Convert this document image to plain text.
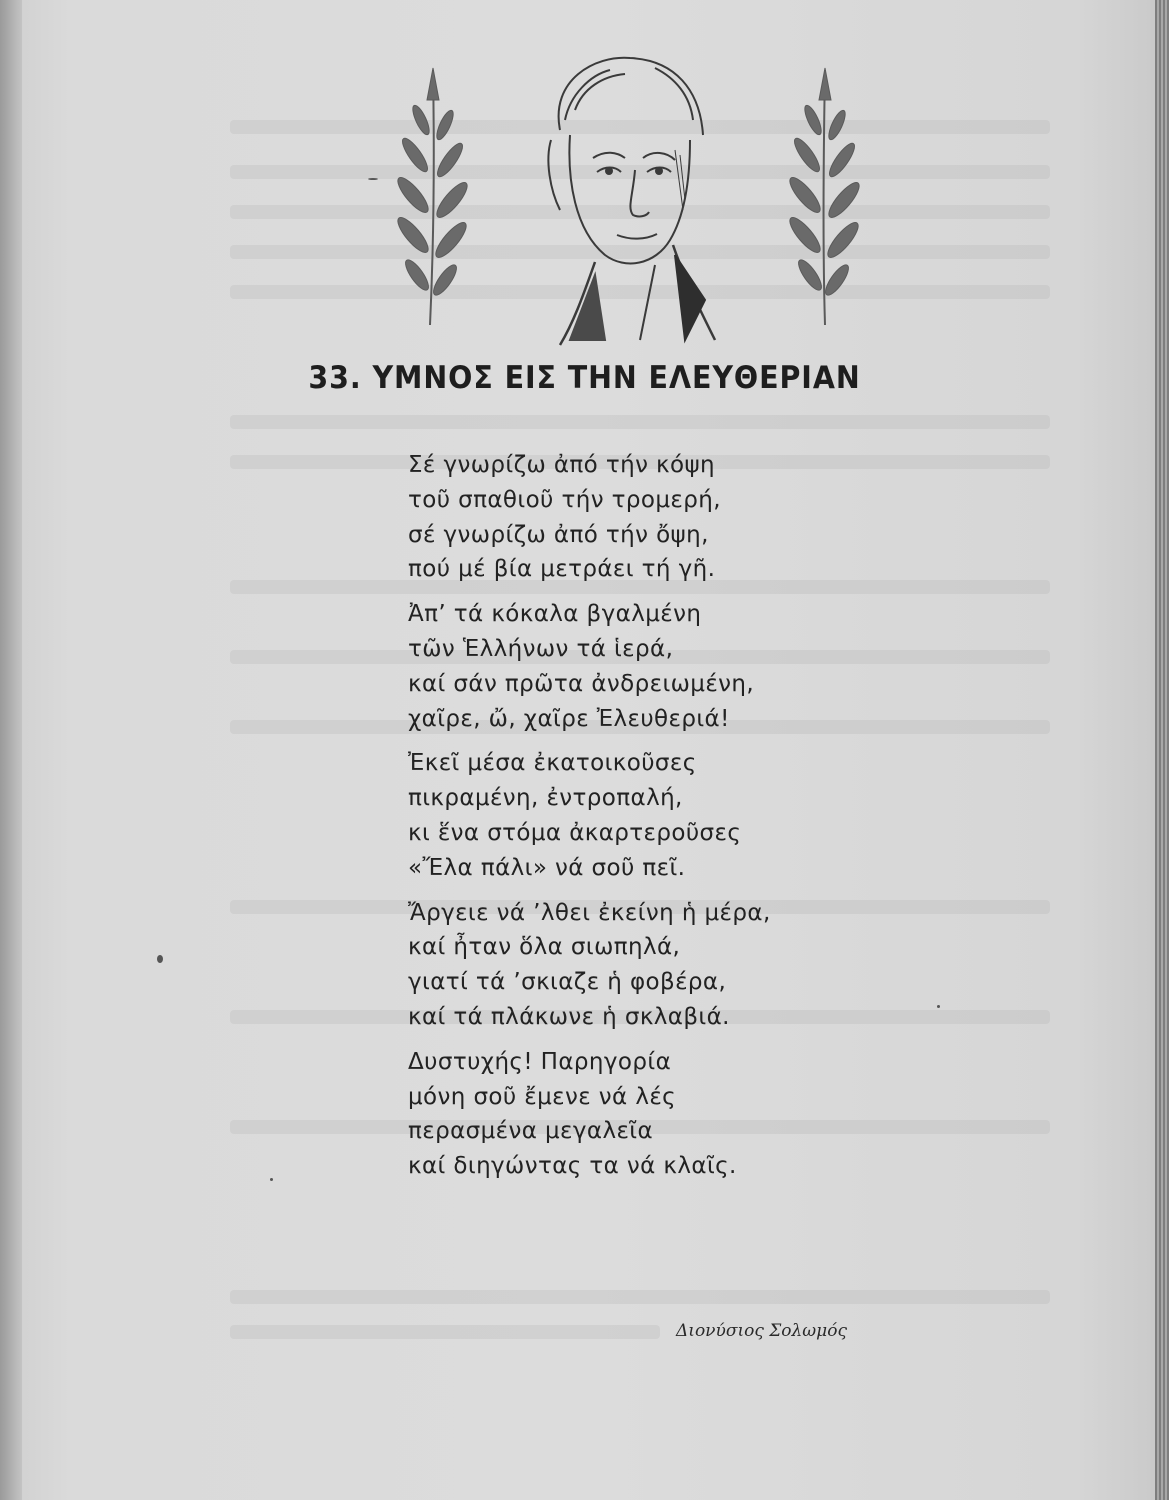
33. ΥΜΝΟΣ ΕΙΣ ΤΗΝ ΕΛΕΥΘΕΡΙΑΝ
Σέ γνωρίζω ἀπό τήν κόψη
τοῦ σπαθιοῦ τήν τρομερή,
σέ γνωρίζω ἀπό τήν ὄψη,
πού μέ βία μετράει τή γῆ.
Ἀπ’ τά κόκαλα βγαλμένη
τῶν Ἑλλήνων τά ἱερά,
καί σάν πρῶτα ἀνδρειωμένη,
χαῖρε, ὤ, χαῖρε Ἐλευθεριά!
Ἐκεῖ μέσα ἐκατοικοῦσες
πικραμένη, ἐντροπαλή,
κι ἕνα στόμα ἀκαρτεροῦσες
«Ἔλα πάλι» νά σοῦ πεῖ.
Ἄργειε νά ’λθει ἐκείνη ἡ μέρα,
καί ἦταν ὅλα σιωπηλά,
γιατί τά ’σκιαζε ἡ φοβέρα,
καί τά πλάκωνε ἡ σκλαβιά.
Δυστυχής! Παρηγορία
μόνη σοῦ ἔμενε νά λές
περασμένα μεγαλεῖα
καί διηγώντας τα νά κλαῖς.
Διονύσιος Σολωμός
